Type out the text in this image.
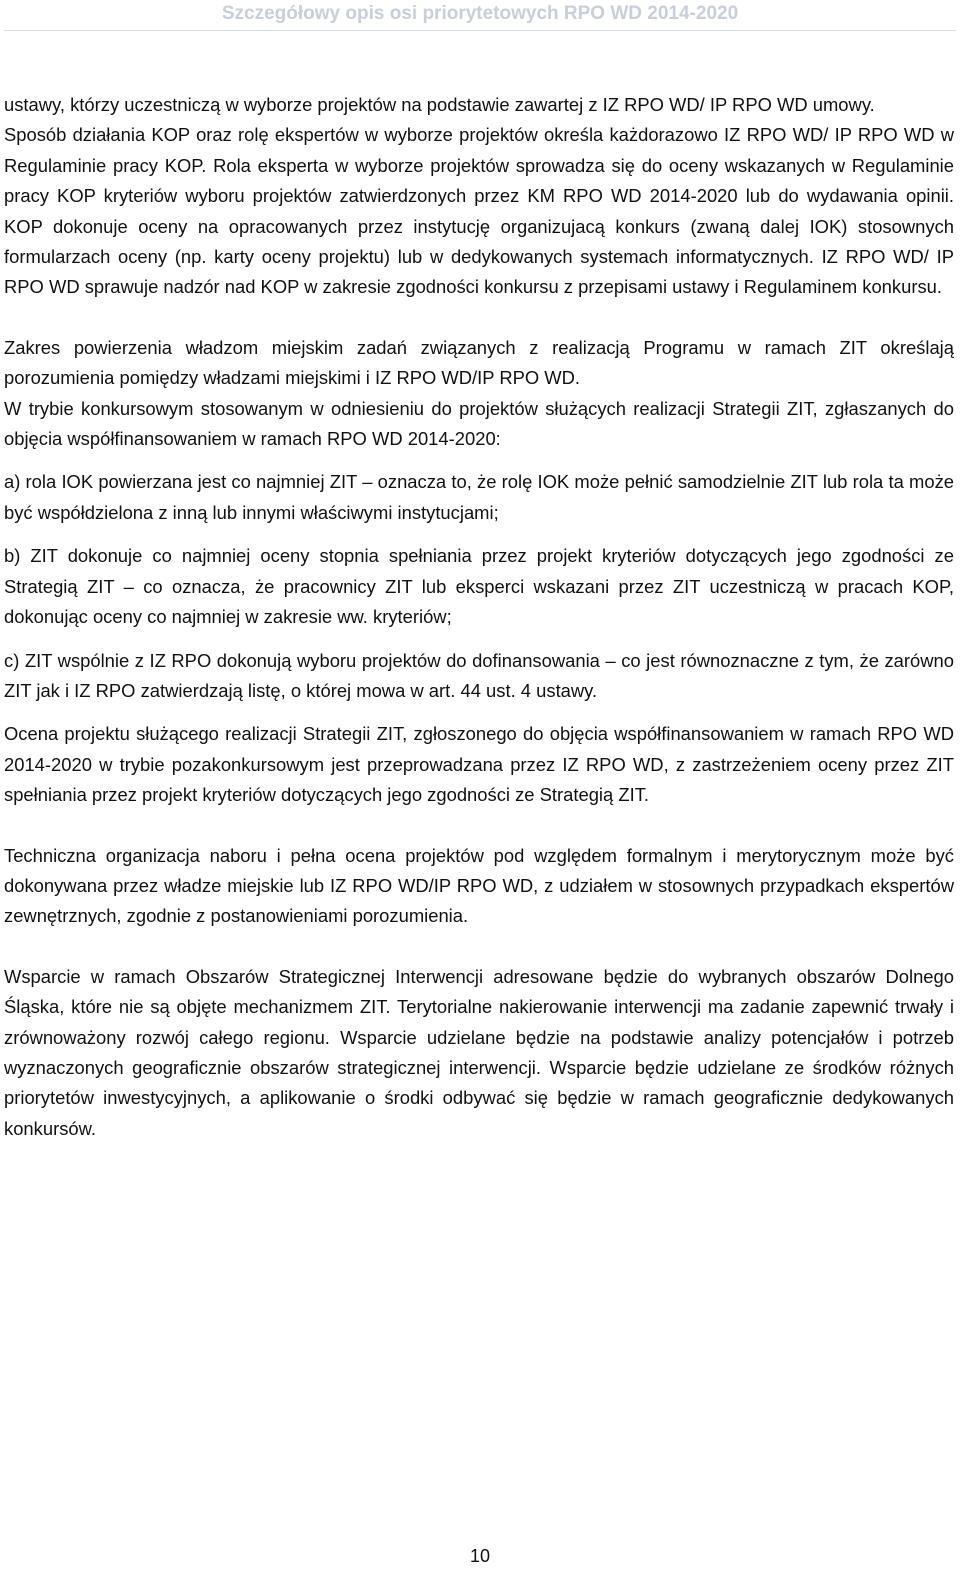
Szczegółowy opis osi priorytetowych RPO WD 2014-2020

ustawy, którzy uczestniczą w wyborze projektów na podstawie zawartej z IZ RPO WD/ IP RPO WD umowy.

Sposób działania KOP oraz rolę ekspertów w wyborze projektów określa każdorazowo IZ RPO WD/ IP RPO WD w Regulaminie pracy KOP. Rola eksperta w wyborze projektów sprowadza się do oceny wskazanych w Regulaminie pracy KOP kryteriów wyboru projektów zatwierdzonych przez KM RPO WD 2014-2020 lub do wydawania opinii. KOP dokonuje oceny na opracowanych przez instytucję organizujacą konkurs (zwaną dalej IOK) stosownych formularzach oceny (np. karty oceny projektu) lub w dedykowanych systemach informatycznych. IZ RPO WD/ IP RPO WD sprawuje nadzór nad KOP w zakresie zgodności konkursu z przepisami ustawy i Regulaminem konkursu.

Zakres powierzenia władzom miejskim zadań związanych z realizacją Programu w ramach ZIT określają porozumienia pomiędzy władzami miejskimi i IZ RPO WD/IP RPO WD.

W trybie konkursowym stosowanym w odniesieniu do projektów służących realizacji Strategii ZIT, zgłaszanych do objęcia współfinansowaniem w ramach RPO WD 2014-2020:

a) rola IOK powierzana jest co najmniej ZIT – oznacza to, że rolę IOK może pełnić samodzielnie ZIT lub rola ta może być współdzielona z inną lub innymi właściwymi instytucjami;

b) ZIT dokonuje co najmniej oceny stopnia spełniania przez projekt kryteriów dotyczących jego zgodności ze Strategią ZIT – co oznacza, że pracownicy ZIT lub eksperci wskazani przez ZIT uczestniczą w pracach KOP, dokonując oceny co najmniej w zakresie ww. kryteriów;

c) ZIT wspólnie z IZ RPO dokonują wyboru projektów do dofinansowania – co jest równoznaczne z tym, że zarówno ZIT jak i IZ RPO zatwierdzają listę, o której mowa w art. 44 ust. 4 ustawy.

Ocena projektu służącego realizacji Strategii ZIT, zgłoszonego do objęcia współfinansowaniem w ramach RPO WD 2014-2020 w trybie pozakonkursowym jest przeprowadzana przez IZ RPO WD, z zastrzeżeniem oceny przez ZIT spełniania przez projekt kryteriów dotyczących jego zgodności ze Strategią ZIT.

Techniczna organizacja naboru i pełna ocena projektów pod względem formalnym i merytorycznym może być dokonywana przez władze miejskie lub IZ RPO WD/IP RPO WD, z udziałem w stosownych przypadkach ekspertów zewnętrznych, zgodnie z postanowieniami porozumienia.

Wsparcie w ramach Obszarów Strategicznej Interwencji adresowane będzie do wybranych obszarów Dolnego Śląska, które nie są objęte mechanizmem ZIT. Terytorialne nakierowanie interwencji ma zadanie zapewnić trwały i zrównoważony rozwój całego regionu. Wsparcie udzielane będzie na podstawie analizy potencjałów i potrzeb wyznaczonych geograficznie obszarów strategicznej interwencji. Wsparcie będzie udzielane ze środków różnych priorytetów inwestycyjnych, a aplikowanie o środki odbywać się będzie w ramach geograficznie dedykowanych konkursów.

10
